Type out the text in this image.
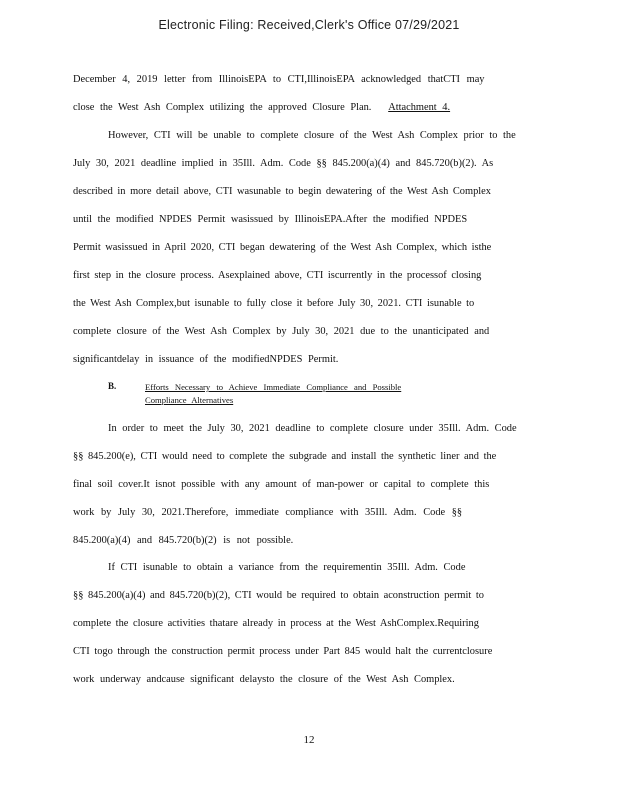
Electronic Filing: Received,Clerk's Office 07/29/2021
December 4, 2019 letter from IllinoisEPA to CTI,IllinoisEPA acknowledged thatCTI may
close the West Ash Complex utilizing the approved Closure Plan. Attachment 4.
However, CTI will be unable to complete closure of the West Ash Complex prior to the
July 30, 2021 deadline implied in 35Ill. Adm. Code §§ 845.200(a)(4) and 845.720(b)(2). As
described in more detail above, CTI wasunable to begin dewatering of the West Ash Complex
until the modified NPDES Permit wasissued by IllinoisEPA.After the modified NPDES
Permit wasissued in April 2020, CTI began dewatering of the West Ash Complex, which isthe
first step in the closure process. Asexplained above, CTI iscurrently in the processof closing
the West Ash Complex,but isunable to fully close it before July 30, 2021. CTI isunable to
complete closure of the West Ash Complex by July 30, 2021 due to the unanticipated and
significantdelay in issuance of the modifiedNPDES Permit.
B.	Efforts Necessary to Achieve Immediate Compliance and Possible
Compliance Alternatives
In order to meet the July 30, 2021 deadline to complete closure under 35Ill. Adm. Code
§§ 845.200(e), CTI would need to complete the subgrade and install the synthetic liner and the
final soil cover.It isnot possible with any amount of man-power or capital to complete this
work by July 30, 2021.Therefore, immediate compliance with 35Ill. Adm. Code §§
845.200(a)(4) and 845.720(b)(2) is not possible.
If CTI isunable to obtain a variance from the requirementin 35Ill. Adm. Code
§§ 845.200(a)(4) and 845.720(b)(2), CTI would be required to obtain aconstruction permit to
complete the closure activities thatare already in process at the West AshComplex.Requiring
CTI togo through the construction permit process under Part 845 would halt the currentclosure
work underway andcause significant delaysto the closure of the West Ash Complex.
12
